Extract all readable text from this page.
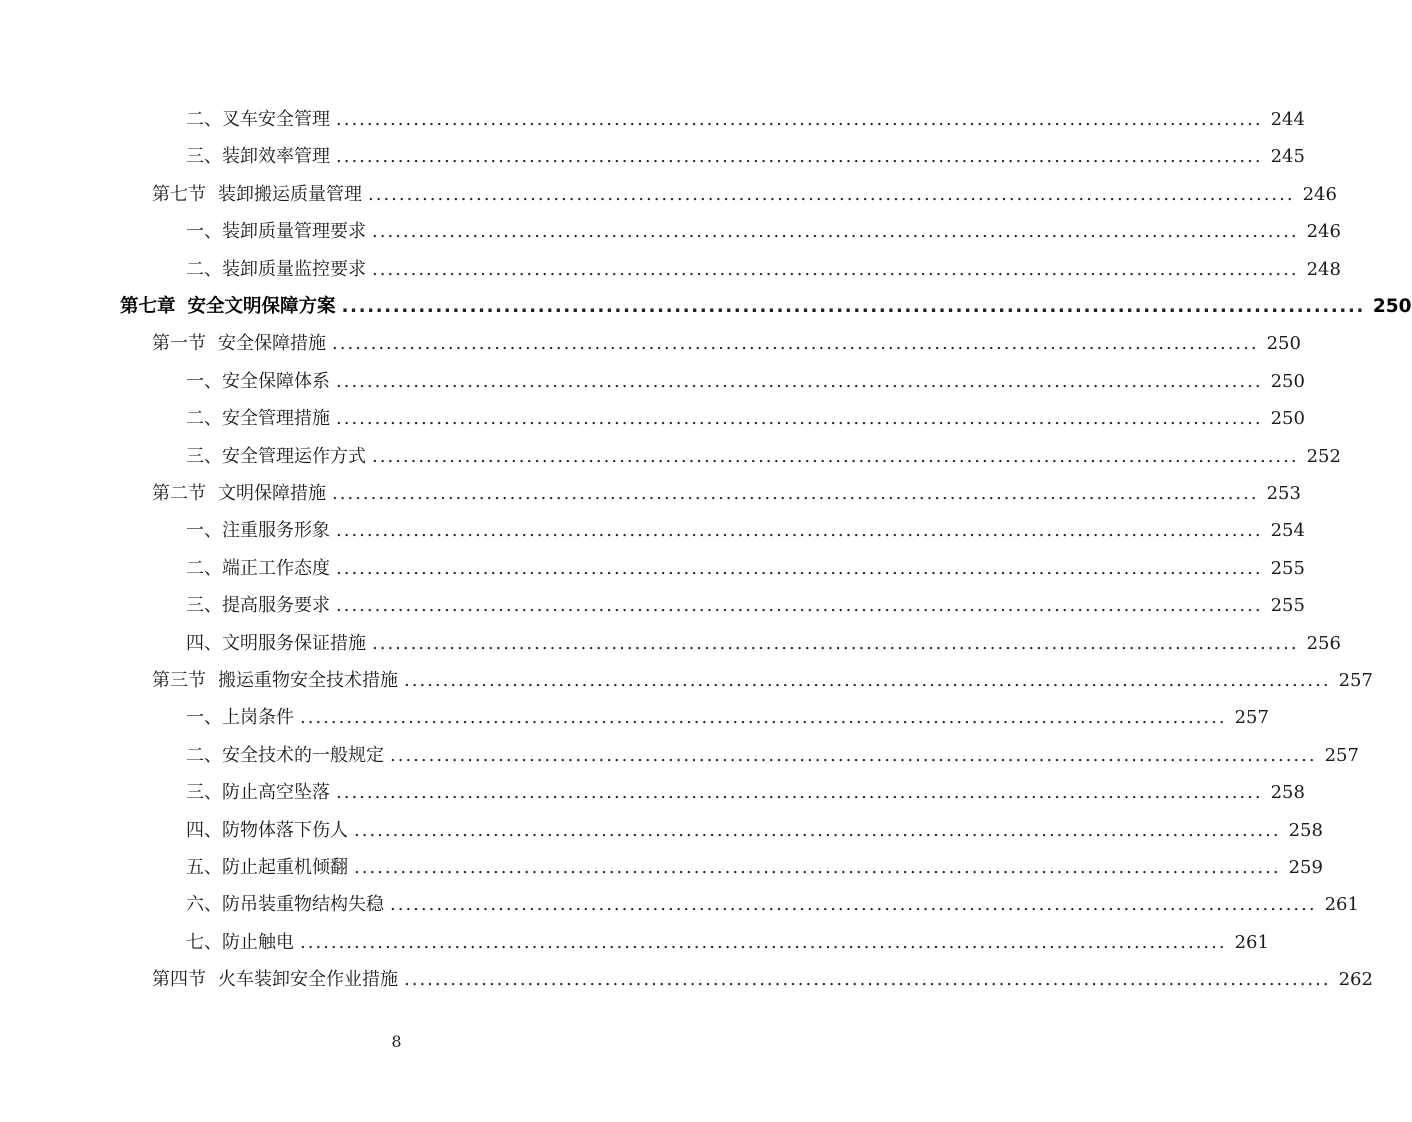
二、 叉车安全管理 ........................................................................................................................ 244
三、 装卸效率管理 ........................................................................................................................ 245
第七节 装卸搬运质量管理 ........................................................................................................................ 246
一、 装卸质量管理要求 ........................................................................................................................ 246
二、 装卸质量监控要求 ........................................................................................................................ 248
第七章 安全文明保障方案 ........................................................................................................................ 250
第一节 安全保障措施 ........................................................................................................................ 250
一、 安全保障体系 ........................................................................................................................ 250
二、 安全管理措施 ........................................................................................................................ 250
三、 安全管理运作方式 ........................................................................................................................ 252
第二节 文明保障措施 ........................................................................................................................ 253
一、 注重服务形象 ........................................................................................................................ 254
二、 端正工作态度 ........................................................................................................................ 255
三、 提高服务要求 ........................................................................................................................ 255
四、 文明服务保证措施 ........................................................................................................................ 256
第三节 搬运重物安全技术措施 ........................................................................................................................ 257
一、 上岗条件 ........................................................................................................................ 257
二、 安全技术的一般规定 ........................................................................................................................ 257
三、 防止高空坠落 ........................................................................................................................ 258
四、 防物体落下伤人 ........................................................................................................................ 258
五、 防止起重机倾翻 ........................................................................................................................ 259
六、 防吊装重物结构失稳 ........................................................................................................................ 261
七、 防止触电 ........................................................................................................................ 261
第四节 火车装卸安全作业措施 ........................................................................................................................ 262
8
